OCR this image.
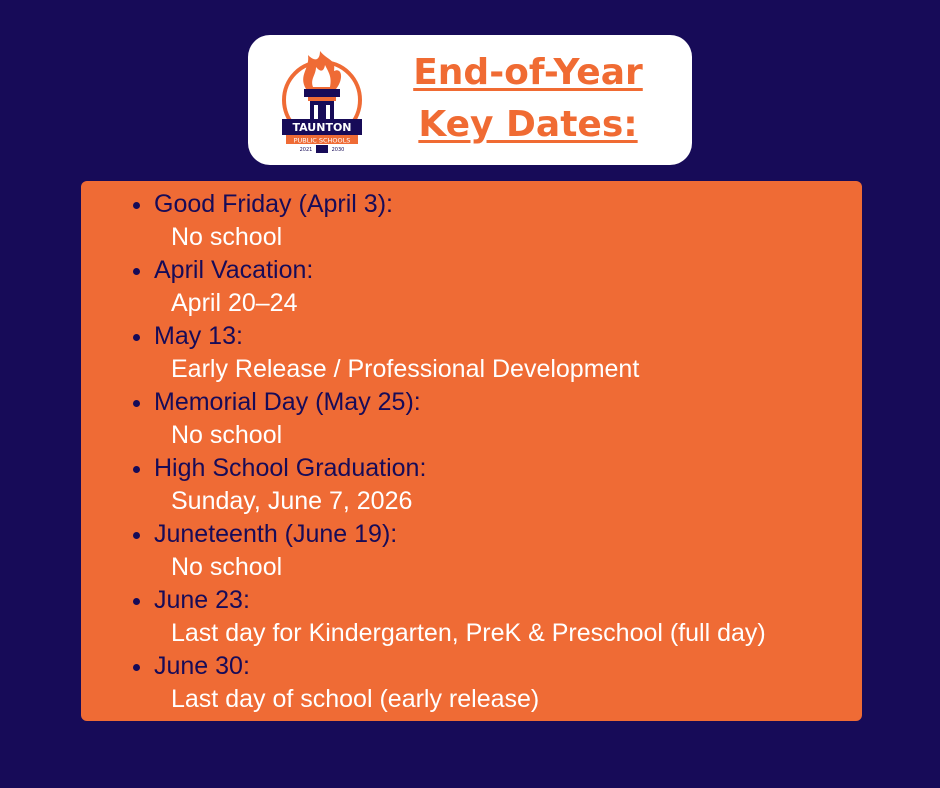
TAUNTON
PUBLIC SCHOOLS
2021	2030
End-of-Year
Key Dates:
Good Friday (April 3):
No school
April Vacation:
April 20–24
May 13:
Early Release / Professional Development
Memorial Day (May 25):
No school
High School Graduation:
Sunday, June 7, 2026
Juneteenth (June 19):
No school
June 23:
Last day for Kindergarten, PreK & Preschool (full day)
June 30:
Last day of school (early release)
